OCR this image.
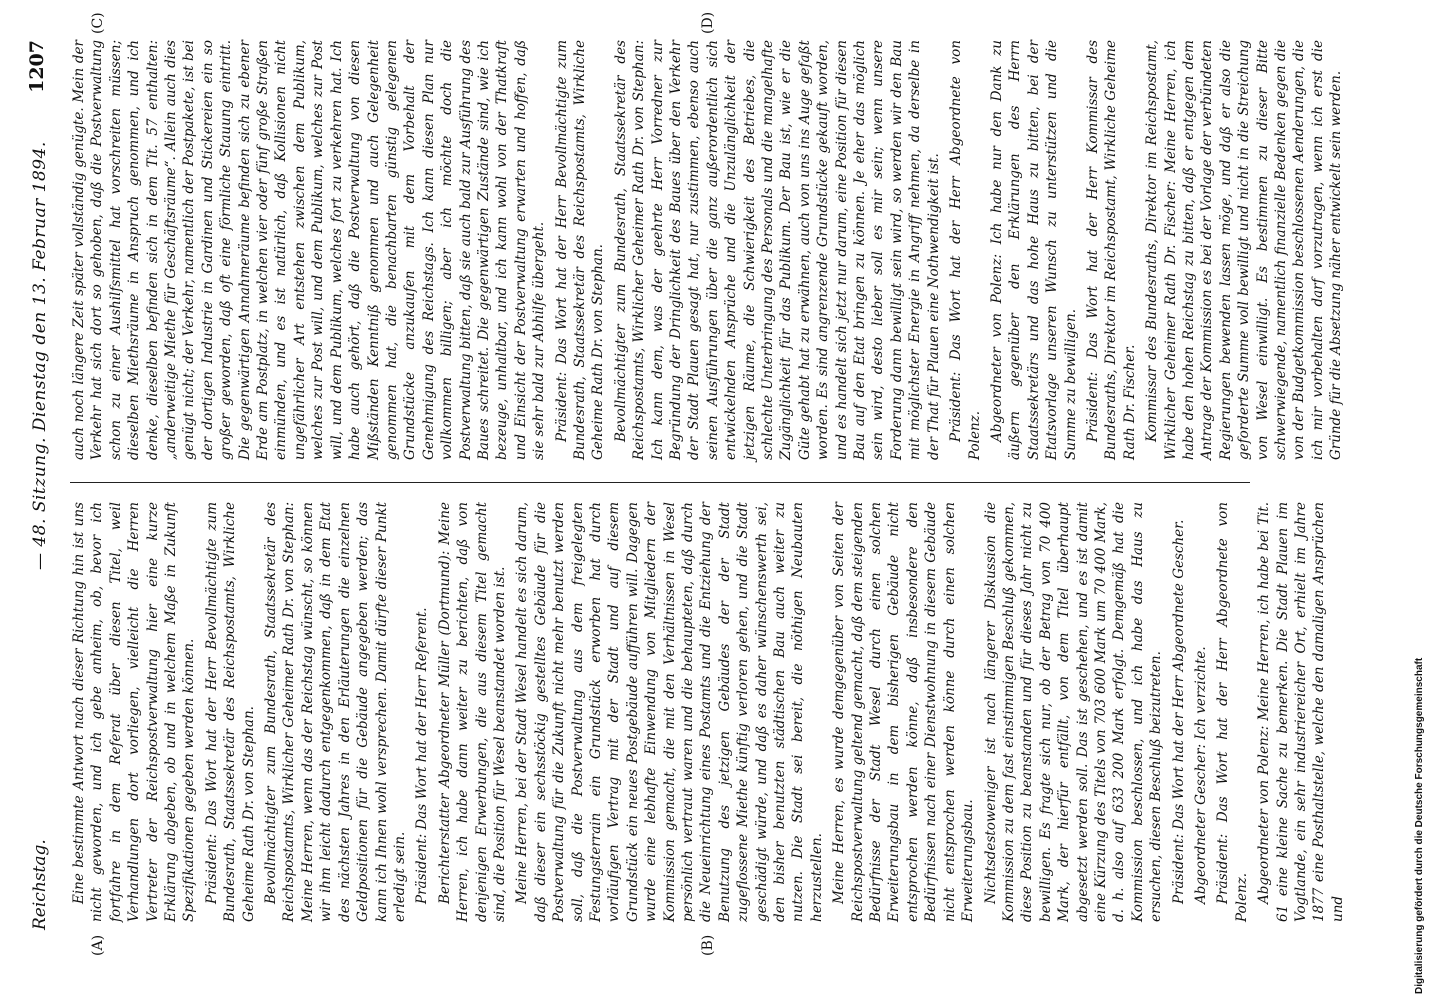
Reichstag.
— 48. Sitzung. Dienstag den 13. Februar 1894.
1207
(A)	(B)
(C)	(D)

Eine bestimmte Antwort nach dieser Richtung hin ist uns nicht geworden, und ich gebe anheim, ob, bevor ich fortfahre in dem Referat über diesen Titel, weil Verhandlungen dort vorliegen, vielleicht die Herren Vertreter der Reichspostverwaltung hier eine kurze Erklärung abgeben, ob und in welchem Maße in Zukunft Spezifikationen gegeben werden können. Präsident: Das Wort hat der Herr Bevollmächtigte zum Bundesrath, Staatssekretär des Reichspostamts, Wirkliche Geheime Rath Dr. von Stephan. Bevollmächtigter zum Bundesrath, Staatssekretär des Reichspostamts, Wirklicher Geheimer Rath Dr. von Stephan: Meine Herren, wenn das der Reichstag wünscht, so können wir ihm leicht dadurch entgegenkommen, daß in dem Etat des nächsten Jahres in den Erläuterungen die einzelnen Geldpositionen für die Gebäude angegeben werden; das kann ich Ihnen wohl versprechen. Damit dürfte dieser Punkt erledigt sein. Präsident: Das Wort hat der Herr Referent. Berichterstatter Abgeordneter Müller (Dortmund): Meine Herren, ich habe dann weiter zu berichten, daß von denjenigen Erwerbungen, die aus diesem Titel gemacht sind, die Position für Wesel beanstandet worden ist. Meine Herren, bei der Stadt Wesel handelt es sich darum, daß dieser ein sechsstöckig gestelltes Gebäude für die Postverwaltung für die Zukunft nicht mehr benutzt werden soll, daß die Postverwaltung aus dem freigelegten Festungsterrain ein Grundstück erworben hat durch vorläufigen Vertrag mit der Stadt und auf diesem Grundstück ein neues Postgebäude aufführen will. Dagegen wurde eine lebhafte Einwendung von Mitgliedern der Kommission gemacht, die mit den Verhältnissen in Wesel persönlich vertraut waren und die behaupteten, daß durch die Neueinrichtung eines Postamts und die Entziehung der Benutzung des jetzigen Gebäudes der der Stadt zugeflossene Miethe künftig verloren gehen, und die Stadt geschädigt würde, und daß es daher wünschenswerth sei, den bisher benutzten städtischen Bau auch weiter zu nutzen. Die Stadt sei bereit, die nöthigen Neubauten herzustellen. Meine Herren, es wurde demgegenüber von Seiten der Reichspostverwaltung geltend gemacht, daß dem steigenden Bedürfnisse der Stadt Wesel durch einen solchen Erweiterungsbau in dem bisherigen Gebäude nicht entsprochen werden könne, daß insbesondere den Bedürfnissen nach einer Dienstwohnung in diesem Gebäude nicht entsprochen werden könne durch einen solchen Erweiterungsbau. Nichtsdestoweniger ist nach längerer Diskussion die Kommission zu dem fast einstimmigen Beschluß gekommen, diese Position zu beanstanden und für dieses Jahr nicht zu bewilligen. Es fragte sich nur, ob der Betrag von 70 400 Mark, der hierfür entfällt, von dem Titel überhaupt abgesetzt werden soll. Das ist geschehen, und es ist damit eine Kürzung des Titels von 703 600 Mark um 70 400 Mark, d. h. also auf 633 200 Mark erfolgt. Demgemäß hat die Kommission beschlossen, und ich habe das Haus zu ersuchen, diesen Beschluß beizutreten. Präsident: Das Wort hat der Herr Abgeordnete Gescher. Abgeordneter Gescher: Ich verzichte. Präsident: Das Wort hat der Herr Abgeordnete von Polenz. Abgeordneter von Polenz: Meine Herren, ich habe bei Tit. 61 eine kleine Sache zu bemerken. Die Stadt Plauen im Vogtlande, ein sehr industriereicher Ort, erhielt im Jahre 1877 eine Posthaltstelle, welche den damaligen Ansprüchen und

auch noch längere Zeit später vollständig genügte. Mein der Verkehr hat sich dort so gehoben, daß die Postverwaltung schon zu einer Aushilfsmittel hat vorschreiten müssen; dieselben Miethsräume in Anspruch genommen, und ich denke, dieselben befinden sich in dem Tit. 57 enthalten: „anderweitige Miethe für Geschäftsräume“. Allein auch dies genügt nicht; der Verkehr, namentlich der Postpakete, ist bei der dortigen Industrie in Gardinen und Stickereien ein so großer geworden, daß oft eine förmliche Stauung eintritt. Die gegenwärtigen Annahmeräume befinden sich zu ebener Erde am Postplatz, in welchen vier oder fünf große Straßen einmünden, und es ist natürlich, daß Kollisionen nicht ungefährlicher Art entstehen zwischen dem Publikum, welches zur Post will, und dem Publikum, welches zur Post will, und dem Publikum, welches fort zu verkehren hat. Ich habe auch gehört, daß die Postverwaltung von diesen Mißständen Kenntniß genommen und auch Gelegenheit genommen hat, die benachbarten günstig gelegenen Grundstücke anzukaufen mit dem Vorbehalt der Genehmigung des Reichstags. Ich kann diesen Plan nur vollkommen billigen; aber ich möchte doch die Postverwaltung bitten, daß sie auch bald zur Ausführung des Baues schreitet. Die gegenwärtigen Zustände sind, wie ich bezeuge, unhaltbar, und ich kann wohl von der Thatkraft und Einsicht der Postverwaltung erwarten und hoffen, daß sie sehr bald zur Abhilfe übergeht. Präsident: Das Wort hat der Herr Bevollmächtigte zum Bundesrath, Staatssekretär des Reichspostamts, Wirkliche Geheime Rath Dr. von Stephan. Bevollmächtigter zum Bundesrath, Staatssekretär des Reichspostamts, Wirklicher Geheimer Rath Dr. von Stephan: Ich kann dem, was der geehrte Herr Vorredner zur Begründung der Dringlichkeit des Baues über den Verkehr der Stadt Plauen gesagt hat, nur zustimmen, ebenso auch seinen Ausführungen über die ganz außerordentlich sich entwickelnden Ansprüche und die Unzulänglichkeit der jetzigen Räume, die Schwierigkeit des Betriebes, die schlechte Unterbringung des Personals und die mangelhafte Zugänglichkeit für das Publikum. Der Bau ist, wie er die Güte gehabt hat zu erwähnen, auch von uns ins Auge gefaßt worden. Es sind angrenzende Grundstücke gekauft worden, und es handelt sich jetzt nur darum, eine Position für diesen Bau auf den Etat bringen zu können. Je eher das möglich sein wird, desto lieber soll es mir sein; wenn unsere Forderung dann bewilligt sein wird, so werden wir den Bau mit möglichster Energie in Angriff nehmen, da derselbe in der That für Plauen eine Nothwendigkeit ist. Präsident: Das Wort hat der Herr Abgeordnete von Polenz. Abgeordneter von Polenz: Ich habe nur den Dank zu äußern gegenüber den Erklärungen des Herrn Staatssekretärs und das hohe Haus zu bitten, bei der Etatsvorlage unseren Wunsch zu unterstützen und die Summe zu bewilligen. Präsident: Das Wort hat der Herr Kommissar des Bundesraths, Direktor im Reichspostamt, Wirkliche Geheime Rath Dr. Fischer. Kommissar des Bundesraths, Direktor im Reichspostamt, Wirklicher Geheimer Rath Dr. Fischer: Meine Herren, ich habe den hohen Reichstag zu bitten, daß er entgegen dem Antrage der Kommission es bei der Vorlage der verbündeten Regierungen bewenden lassen möge, und daß er also die geforderte Summe voll bewilligt und nicht in die Streichung von Wesel einwilligt. Es bestimmen zu dieser Bitte schwerwiegende, namentlich finanzielle Bedenken gegen die von der Budgetkommission beschlossenen Aenderungen, die ich mir vorbehalten darf vorzutragen, wenn ich erst die Gründe für die Absetzung näher entwickelt sein werden.

Digitalisierung gefördert durch die Deutsche Forschungsgemeinschaft
